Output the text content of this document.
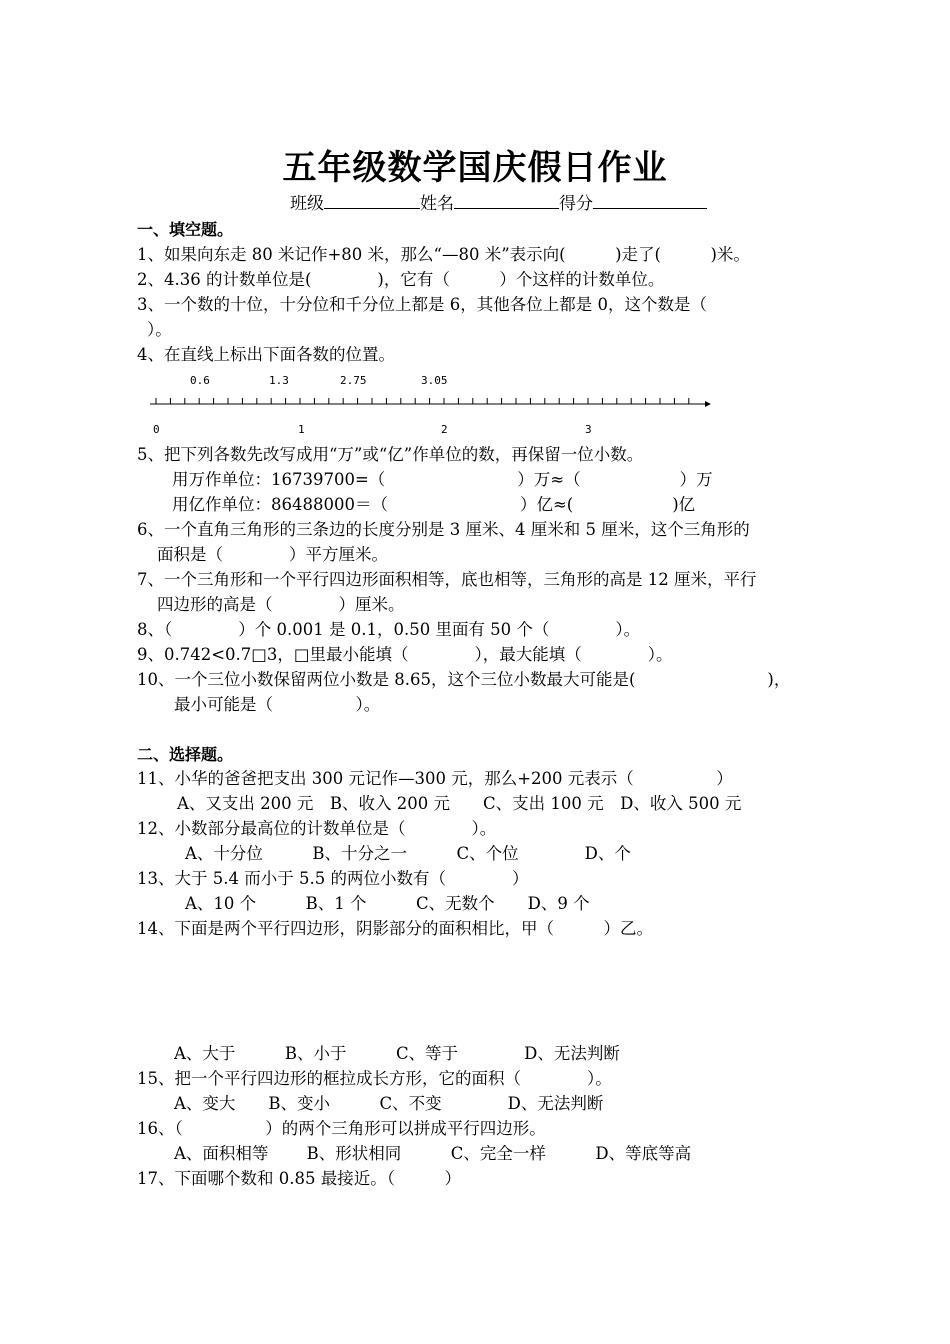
五年级数学国庆假日作业
班级	姓名	得分
一、填空题。
1、如果向东走 80 米记作+80 米，那么“—80 米”表示向(　　　)走了(　　　)米。
2、4.36 的计数单位是(　　　　)，它有（　　　）个这样的计数单位。
3、一个数的十位，十分位和千分位上都是 6，其他各位上都是 0，这个数是（
）。
4、在直线上标出下面各数的位置。
0.6	1.3	2.75	3.05
0	1	2	3
5、把下列各数先改写成用“万”或“亿”作单位的数，再保留一位小数。
用万作单位：16739700=（　　　　　　　　）万≈（　　　　　　）万
用亿作单位：86488000＝（　　　　　　　　）亿≈(　　　　　　)亿
6、一个直角三角形的三条边的长度分别是 3 厘米、4 厘米和 5 厘米，这个三角形的
面积是（　　　　）平方厘米。
7、一个三角形和一个平行四边形面积相等，底也相等，三角形的高是 12 厘米，平行
四边形的高是（　　　　）厘米。
8、（　　　　）个 0.001 是 0.1，0.50 里面有 50 个（　　　　）。
9、0.742<0.7□3，□里最小能填（　　　　），最大能填（　　　　）。
10、一个三位小数保留两位小数是 8.65，这个三位小数最大可能是(　　　　　　　　)，
最小可能是（　　　　　）。
二、选择题。
11、小华的爸爸把支出 300 元记作—300 元，那么+200 元表示（　　　　　）
A、又支出 200 元　B、收入 200 元　　C、支出 100 元　D、收入 500 元
12、小数部分最高位的计数单位是（　　　　）。
A、十分位　　　B、十分之一　　　C、个位　　　　D、个
13、大于 5.4 而小于 5.5 的两位小数有（　　　　）
A、10 个　　　B、1 个　　　C、无数个　　D、9 个
14、下面是两个平行四边形，阴影部分的面积相比，甲（　　　）乙。
A、大于　　　B、小于　　　C、等于　　　　D、无法判断
15、把一个平行四边形的框拉成长方形，它的面积（　　　　）。
A、变大　　B、变小　　　C、不变　　　　D、无法判断
16、（　　　　　）的两个三角形可以拼成平行四边形。
A、面积相等　　 B、形状相同　　　C、完全一样　　　D、等底等高
17、下面哪个数和 0.85 最接近。（　　　）
